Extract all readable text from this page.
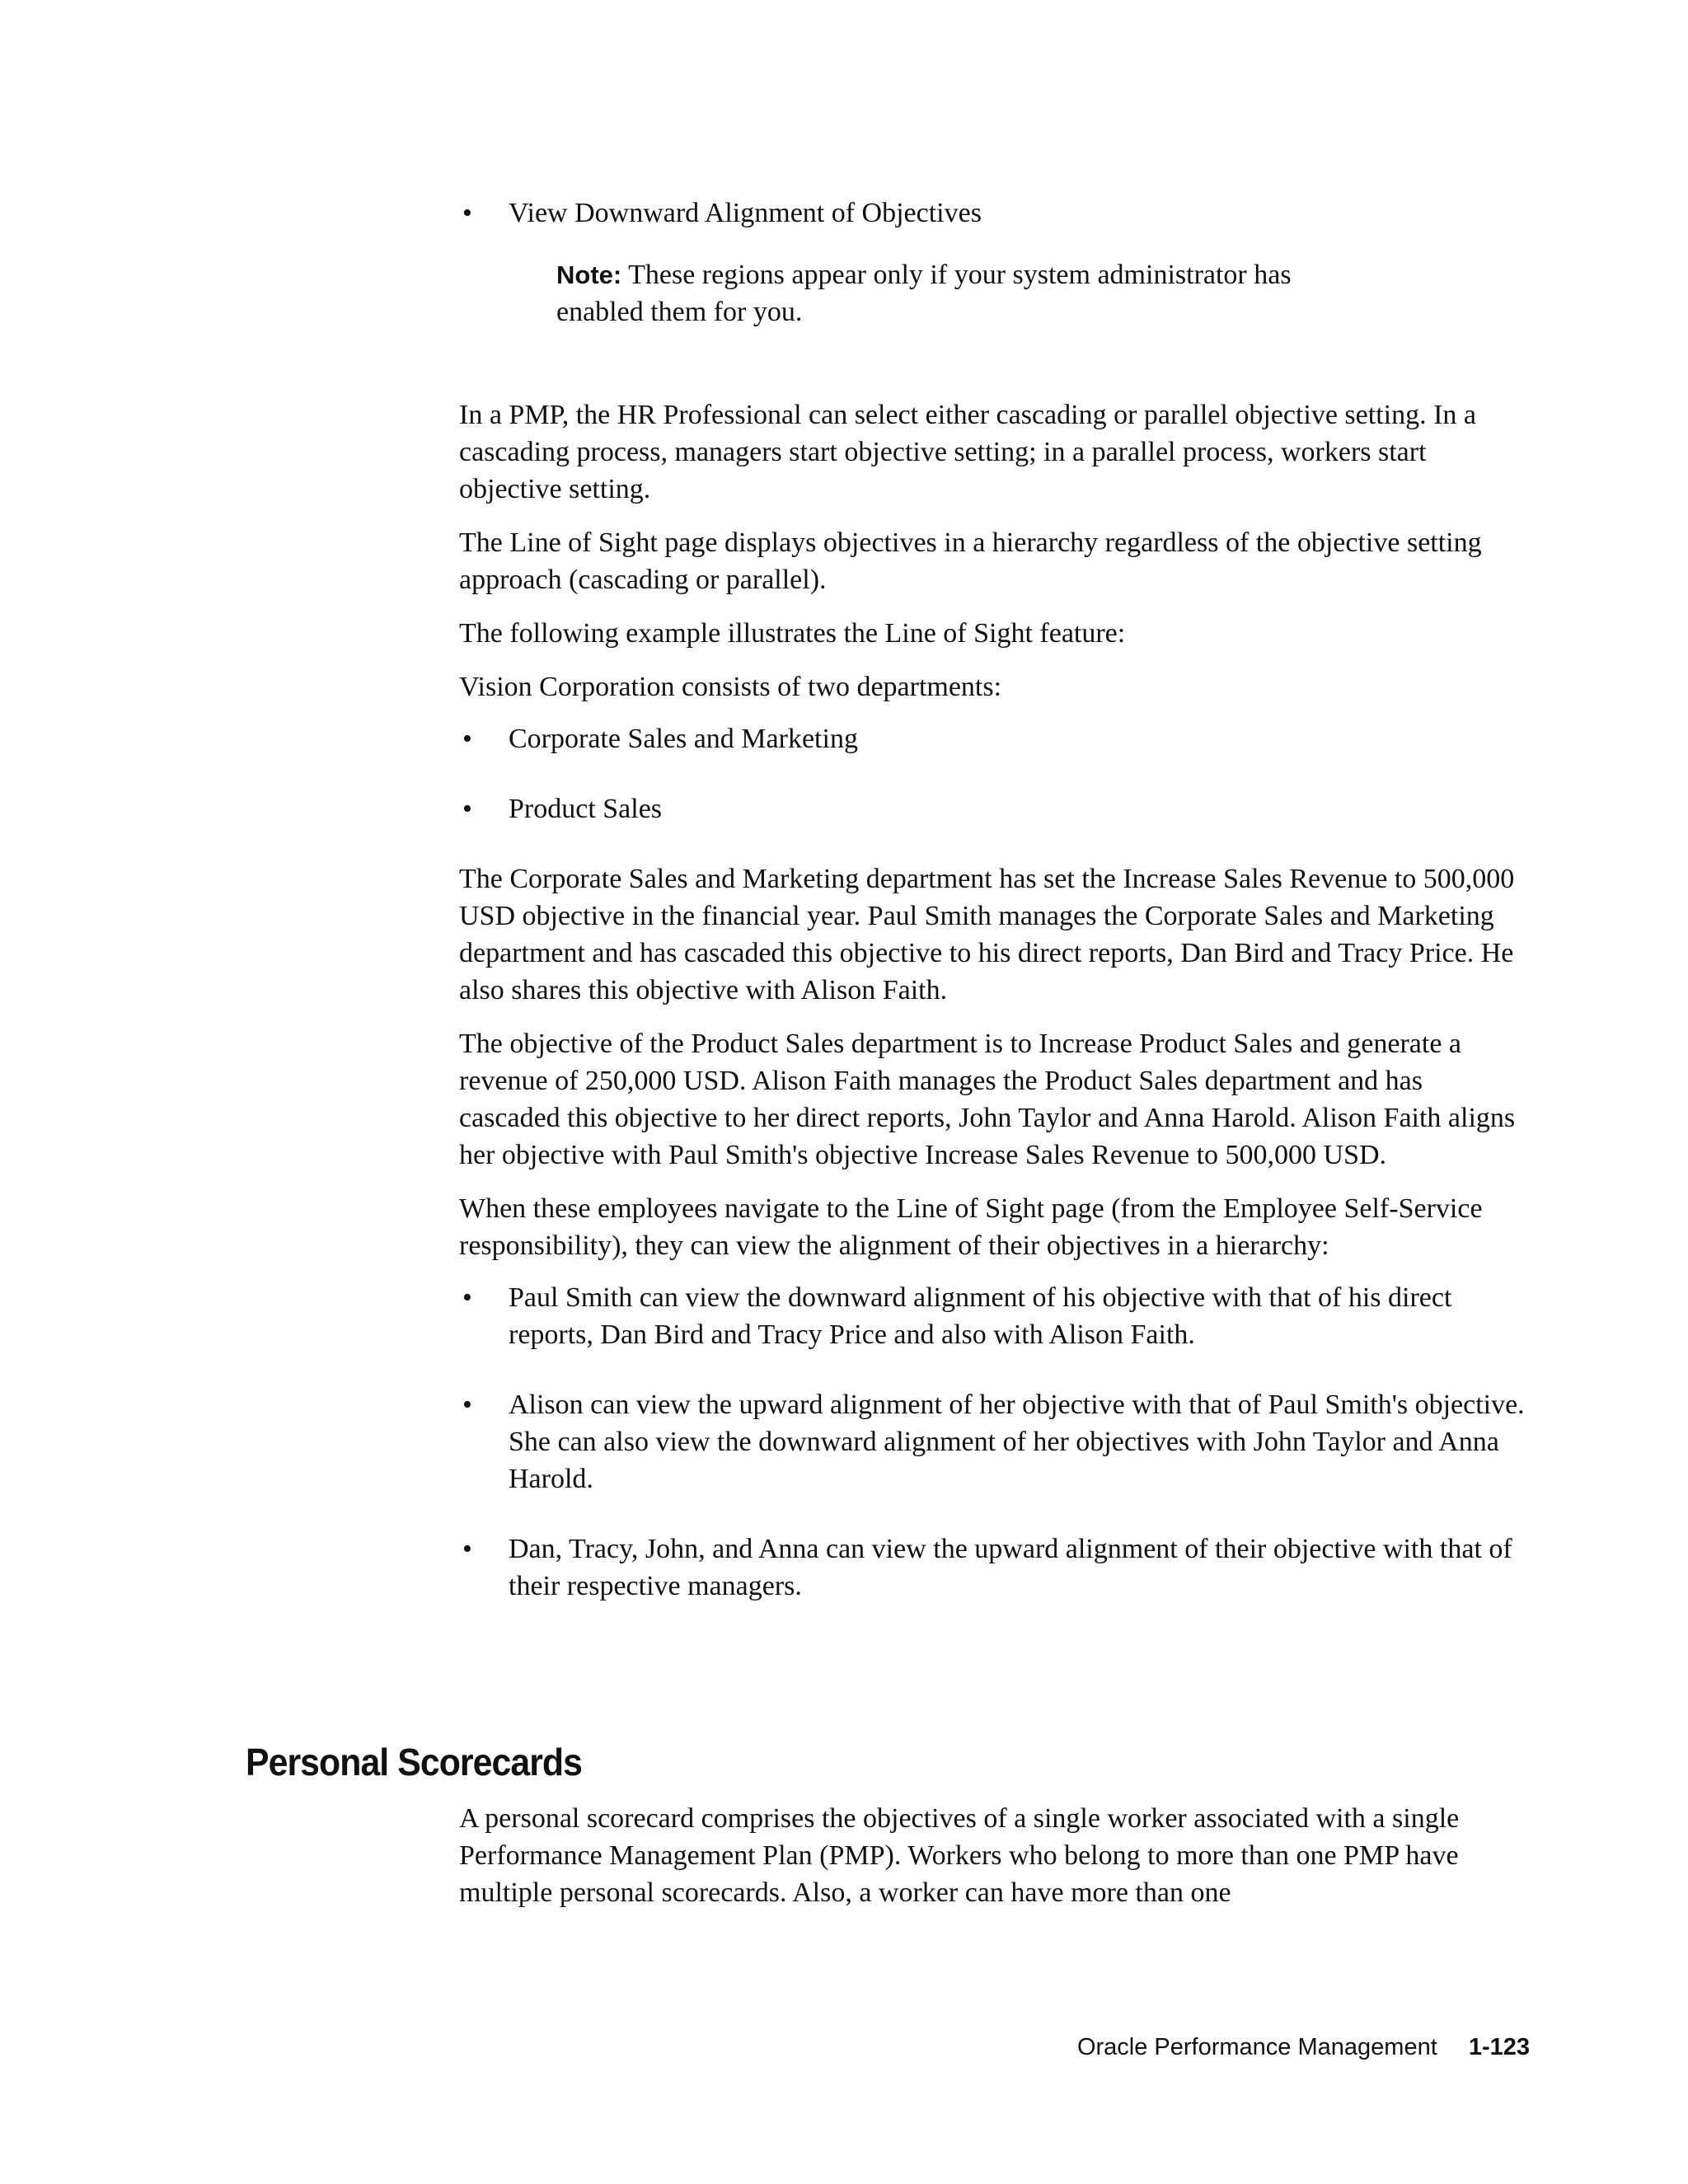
• View Downward Alignment of Objectives
Note: These regions appear only if your system administrator has enabled them for you.

In a PMP, the HR Professional can select either cascading or parallel objective setting. In a cascading process, managers start objective setting; in a parallel process, workers start objective setting.

The Line of Sight page displays objectives in a hierarchy regardless of the objective setting approach (cascading or parallel).

The following example illustrates the Line of Sight feature:

Vision Corporation consists of two departments:

• Corporate Sales and Marketing
• Product Sales

The Corporate Sales and Marketing department has set the Increase Sales Revenue to 500,000 USD objective in the financial year. Paul Smith manages the Corporate Sales and Marketing department and has cascaded this objective to his direct reports, Dan Bird and Tracy Price. He also shares this objective with Alison Faith.

The objective of the Product Sales department is to Increase Product Sales and generate a revenue of 250,000 USD. Alison Faith manages the Product Sales department and has cascaded this objective to her direct reports, John Taylor and Anna Harold. Alison Faith aligns her objective with Paul Smith's objective Increase Sales Revenue to 500,000 USD.

When these employees navigate to the Line of Sight page (from the Employee Self-Service responsibility), they can view the alignment of their objectives in a hierarchy:

• Paul Smith can view the downward alignment of his objective with that of his direct reports, Dan Bird and Tracy Price and also with Alison Faith.
• Alison can view the upward alignment of her objective with that of Paul Smith's objective. She can also view the downward alignment of her objectives with John Taylor and Anna Harold.
• Dan, Tracy, John, and Anna can view the upward alignment of their objective with that of their respective managers.
Personal Scorecards

A personal scorecard comprises the objectives of a single worker associated with a single Performance Management Plan (PMP). Workers who belong to more than one PMP have multiple personal scorecards. Also, a worker can have more than one

Oracle Performance Management 1-123
